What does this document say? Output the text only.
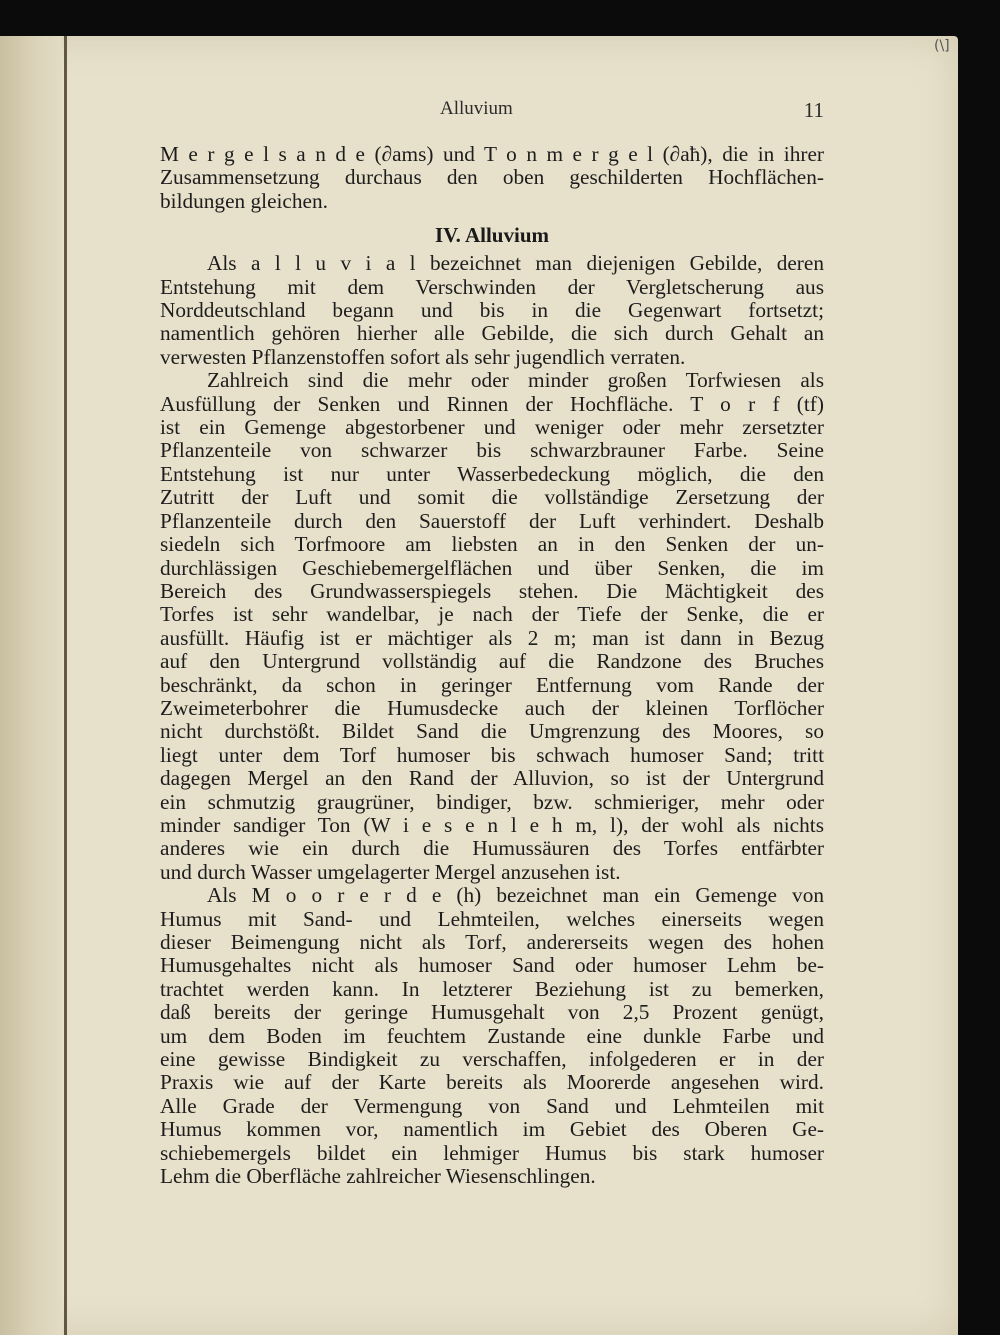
(\]
Alluvium	11
M e r g e l s a n d e (∂ams) und T o n m e r g e l (∂aħ), die in ihrer
Zusammensetzung durchaus den oben geschilderten Hochflächen-
bildungen gleichen.
IV. Alluvium
Als a l l u v i a l bezeichnet man diejenigen Gebilde, deren
Entstehung mit dem Verschwinden der Vergletscherung aus
Norddeutschland begann und bis in die Gegenwart fortsetzt;
namentlich gehören hierher alle Gebilde, die sich durch Gehalt an
verwesten Pflanzenstoffen sofort als sehr jugendlich verraten.
Zahlreich sind die mehr oder minder großen Torfwiesen als
Ausfüllung der Senken und Rinnen der Hochfläche. T o r f (tf)
ist ein Gemenge abgestorbener und weniger oder mehr zersetzter
Pflanzenteile von schwarzer bis schwarzbrauner Farbe. Seine
Entstehung ist nur unter Wasserbedeckung möglich, die den
Zutritt der Luft und somit die vollständige Zersetzung der
Pflanzenteile durch den Sauerstoff der Luft verhindert. Deshalb
siedeln sich Torfmoore am liebsten an in den Senken der un-
durchlässigen Geschiebemergelflächen und über Senken, die im
Bereich des Grundwasserspiegels stehen. Die Mächtigkeit des
Torfes ist sehr wandelbar, je nach der Tiefe der Senke, die er
ausfüllt. Häufig ist er mächtiger als 2 m; man ist dann in Bezug
auf den Untergrund vollständig auf die Randzone des Bruches
beschränkt, da schon in geringer Entfernung vom Rande der
Zweimeterbohrer die Humusdecke auch der kleinen Torflöcher
nicht durchstößt. Bildet Sand die Umgrenzung des Moores, so
liegt unter dem Torf humoser bis schwach humoser Sand; tritt
dagegen Mergel an den Rand der Alluvion, so ist der Untergrund
ein schmutzig graugrüner, bindiger, bzw. schmieriger, mehr oder
minder sandiger Ton (W i e s e n l e h m, l), der wohl als nichts
anderes wie ein durch die Humussäuren des Torfes entfärbter
und durch Wasser umgelagerter Mergel anzusehen ist.
Als M o o r e r d e (h) bezeichnet man ein Gemenge von
Humus mit Sand- und Lehmteilen, welches einerseits wegen
dieser Beimengung nicht als Torf, andererseits wegen des hohen
Humusgehaltes nicht als humoser Sand oder humoser Lehm be-
trachtet werden kann. In letzterer Beziehung ist zu bemerken,
daß bereits der geringe Humusgehalt von 2,5 Prozent genügt,
um dem Boden im feuchtem Zustande eine dunkle Farbe und
eine gewisse Bindigkeit zu verschaffen, infolgederen er in der
Praxis wie auf der Karte bereits als Moorerde angesehen wird.
Alle Grade der Vermengung von Sand und Lehmteilen mit
Humus kommen vor, namentlich im Gebiet des Oberen Ge-
schiebemergels bildet ein lehmiger Humus bis stark humoser
Lehm die Oberfläche zahlreicher Wiesenschlingen.
